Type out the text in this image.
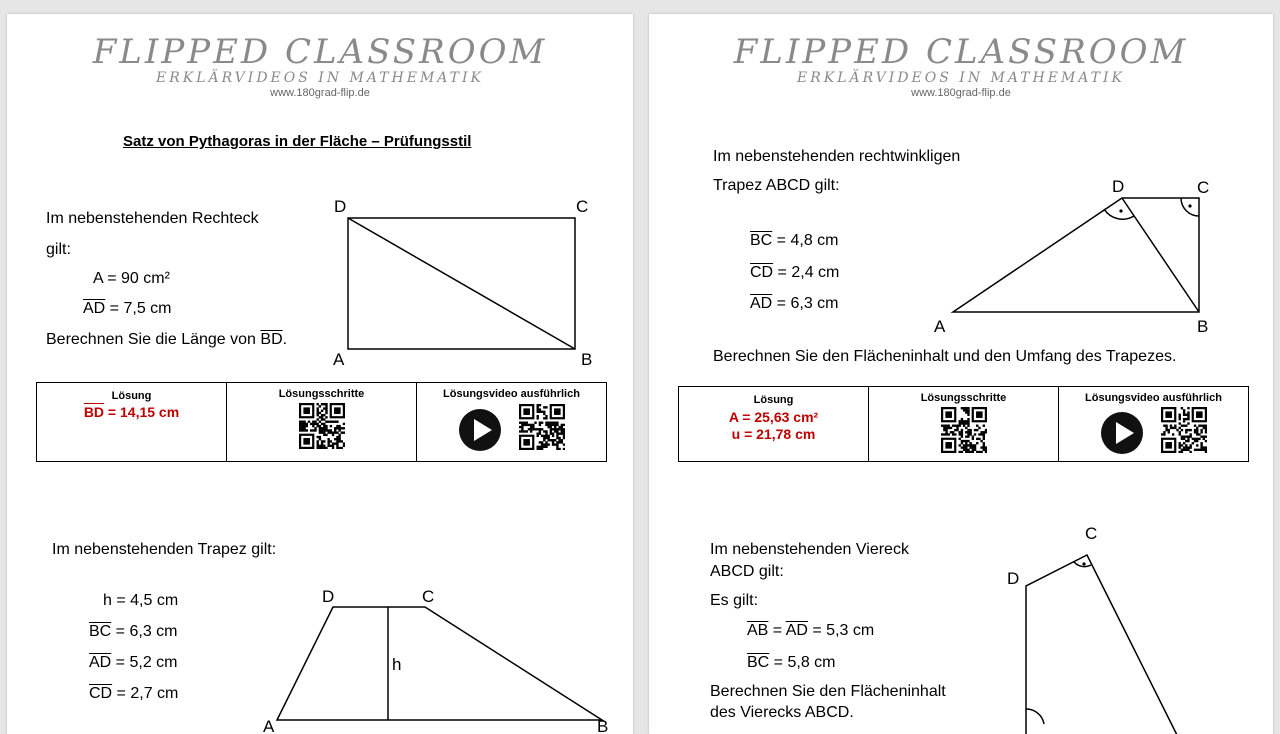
FLIPPED CLASSROOM
ERKLÄRVIDEOS IN MATHEMATIK
www.180grad-flip.de
Satz von Pythagoras in der Fläche – Prüfungsstil
Im nebenstehenden Rechteck
gilt:
A = 90 cm²
$\overline{AD} = 7,5$ cm
Berechnen Sie die Länge von $\overline{BD}$.
D	C
A	B
Lösung
$\overline{BD} = 14,15$ cm

Lösungsschritte	Lösungsvideo ausführlich

Im nebenstehenden Trapez gilt:
h = 4,5 cm
$\overline{BC} = 6,3$ cm
$\overline{AD} = 5,2$ cm
$\overline{CD} = 2,7$ cm
D	C
h
A	B
FLIPPED CLASSROOM
ERKLÄRVIDEOS IN MATHEMATIK
www.180grad-flip.de
Im nebenstehenden rechtwinkligen
Trapez ABCD gilt:
$\overline{BC} = 4,8$ cm
$\overline{CD} = 2,4$ cm
$\overline{AD} = 6,3$ cm
Berechnen Sie den Flächeninhalt und den Umfang des Trapezes.
D	C
A	B
Lösung
A = 25,63 cm²
u = 21,78 cm

Lösungsschritte	Lösungsvideo ausführlich

Im nebenstehenden Viereck
ABCD gilt:
Es gilt:
$\overline{AB} = \overline{AD} = 5,3$ cm
$\overline{BC} = 5,8$ cm
Berechnen Sie den Flächeninhalt
des Vierecks ABCD.
C
D
